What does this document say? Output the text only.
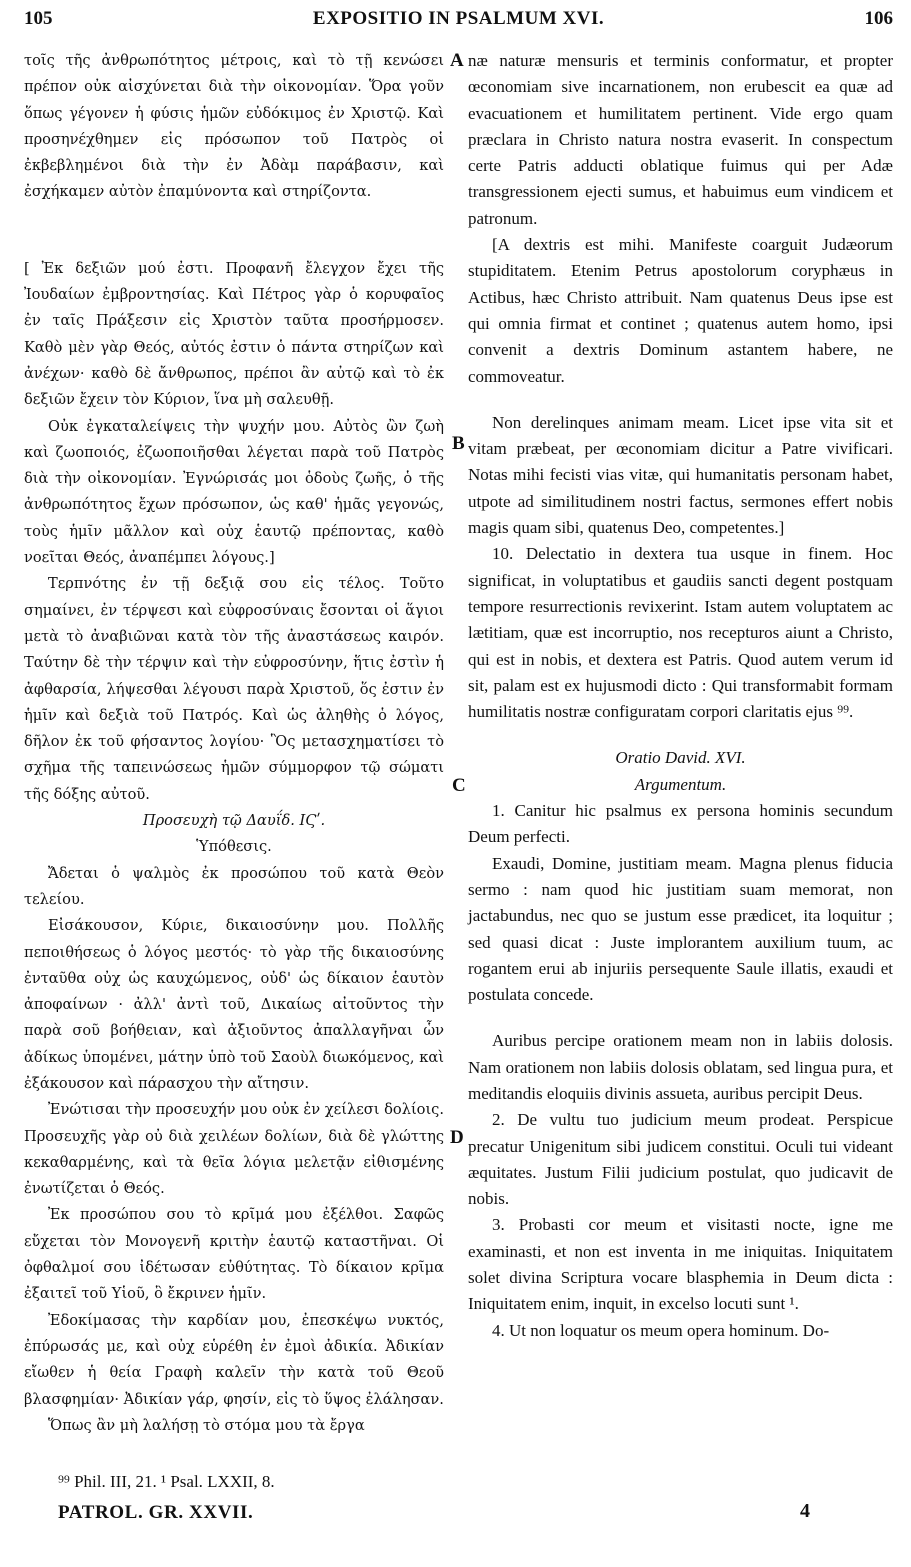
105	EXPOSITIO IN PSALMUM XVI.	106

τοῖς τῆς ἀνθρωπότητος μέτροις, καὶ τὸ τῇ κενώσει πρέπον οὐκ αἰσχύνεται διὰ τὴν οἰκονομίαν. Ὅρα γοῦν ὅπως γέγονεν ἡ φύσις ἡμῶν εὐδόκιμος ἐν Χριστῷ. Καὶ προσηνέχθημεν εἰς πρόσωπον τοῦ Πατρὸς οἱ ἐκβεβλημένοι διὰ τὴν ἐν Ἀδὰμ παράβασιν, καὶ ἐσχήκαμεν αὐτὸν ἐπαμύνοντα καὶ στηρίζοντα.

[ Ἐκ δεξιῶν μού ἐστι. Προφανῆ ἔλεγχον ἔχει τῆς Ἰουδαίων ἐμβροντησίας. Καὶ Πέτρος γὰρ ὁ κορυφαῖος ἐν ταῖς Πράξεσιν εἰς Χριστὸν ταῦτα προσήρμοσεν. Καθὸ μὲν γὰρ Θεός, αὐτός ἐστιν ὁ πάντα στηρίζων καὶ ἀνέχων· καθὸ δὲ ἄνθρωπος, πρέποι ἂν αὐτῷ καὶ τὸ ἐκ δεξιῶν ἔχειν τὸν Κύριον, ἵνα μὴ σαλευθῇ.

Οὐκ ἐγκαταλείψεις τὴν ψυχήν μου. Αὐτὸς ὢν ζωὴ καὶ ζωοποιός, ἐζωοποιῆσθαι λέγεται παρὰ τοῦ Πατρὸς διὰ τὴν οἰκονομίαν. Ἐγνώρισάς μοι ὁδοὺς ζωῆς, ὁ τῆς ἀνθρωπότητος ἔχων πρόσωπον, ὡς καθ' ἡμᾶς γεγονώς, τοὺς ἡμῖν μᾶλλον καὶ οὐχ ἑαυτῷ πρέποντας, καθὸ νοεῖται Θεός, ἀναπέμπει λόγους.]

Τερπνότης ἐν τῇ δεξιᾷ σου εἰς τέλος. Τοῦτο σημαίνει, ἐν τέρψεσι καὶ εὐφροσύναις ἔσονται οἱ ἅγιοι μετὰ τὸ ἀναβιῶναι κατὰ τὸν τῆς ἀναστάσεως καιρόν. Ταύτην δὲ τὴν τέρψιν καὶ τὴν εὐφροσύνην, ἥτις ἐστὶν ἡ ἀφθαρσία, λήψεσθαι λέγουσι παρὰ Χριστοῦ, ὅς ἐστιν ἐν ἡμῖν καὶ δεξιὰ τοῦ Πατρός. Καὶ ὡς ἀληθὴς ὁ λόγος, δῆλον ἐκ τοῦ φήσαντος λογίου· Ὃς μετασχηματίσει τὸ σχῆμα τῆς ταπεινώσεως ἡμῶν σύμμορφον τῷ σώματι τῆς δόξης αὐτοῦ.

Προσευχὴ τῷ Δαυΐδ. ΙϚʹ.

Ὑπόθεσις.

Ἄδεται ὁ ψαλμὸς ἐκ προσώπου τοῦ κατὰ Θεὸν τελείου.

Εἰσάκουσον, Κύριε, δικαιοσύνην μου. Πολλῆς πεποιθήσεως ὁ λόγος μεστός· τὸ γὰρ τῆς δικαιοσύνης ἐνταῦθα οὐχ ὡς καυχώμενος, οὐδ' ὡς δίκαιον ἑαυτὸν ἀποφαίνων · ἀλλ' ἀντὶ τοῦ, Δικαίως αἰτοῦντος τὴν παρὰ σοῦ βοήθειαν, καὶ ἀξιοῦντος ἀπαλλαγῆναι ὧν ἀδίκως ὑπομένει, μάτην ὑπὸ τοῦ Σαοὺλ διωκόμενος, καὶ ἐξάκουσον καὶ πάρασχου τὴν αἴτησιν.

Ἐνώτισαι τὴν προσευχήν μου οὐκ ἐν χείλεσι δολίοις. Προσευχῆς γὰρ οὐ διὰ χειλέων δολίων, διὰ δὲ γλώττης κεκαθαρμένης, καὶ τὰ θεῖα λόγια μελετᾷν εἰθισμένης ἐνωτίζεται ὁ Θεός.

Ἐκ προσώπου σου τὸ κρῖμά μου ἐξέλθοι. Σαφῶς εὔχεται τὸν Μονογενῆ κριτὴν ἑαυτῷ καταστῆναι. Οἱ ὀφθαλμοί σου ἰδέτωσαν εὐθύτητας. Τὸ δίκαιον κρῖμα ἐξαιτεῖ τοῦ Υἱοῦ, ὃ ἔκρινεν ἡμῖν.

Ἐδοκίμασας τὴν καρδίαν μου, ἐπεσκέψω νυκτός, ἐπύρωσάς με, καὶ οὐχ εὑρέθη ἐν ἐμοὶ ἀδικία. Ἀδικίαν εἴωθεν ἡ θεία Γραφὴ καλεῖν τὴν κατὰ τοῦ Θεοῦ βλασφημίαν· Ἀδικίαν γάρ, φησίν, εἰς τὸ ὕψος ἐλάλησαν.

Ὅπως ἂν μὴ λαλήσῃ τὸ στόμα μου τὰ ἔργα

næ naturæ mensuris et terminis conformatur, et propter œconomiam sive incarnationem, non erubescit ea quæ ad evacuationem et humilitatem pertinent. Vide ergo quam præclara in Christo natura nostra evaserit. In conspectum certe Patris adducti oblatique fuimus qui per Adæ transgressionem ejecti sumus, et habuimus eum vindicem et patronum.

[A dextris est mihi. Manifeste coarguit Judæorum stupiditatem. Etenim Petrus apostolorum coryphæus in Actibus, hæc Christo attribuit. Nam quatenus Deus ipse est qui omnia firmat et continet ; quatenus autem homo, ipsi convenit a dextris Dominum astantem habere, ne commoveatur.

Non derelinques animam meam. Licet ipse vita sit et vitam præbeat, per œconomiam dicitur a Patre vivificari. Notas mihi fecisti vias vitæ, qui humanitatis personam habet, utpote ad similitudinem nostri factus, sermones effert nobis magis quam sibi, quatenus Deo, competentes.]

10. Delectatio in dextera tua usque in finem. Hoc significat, in voluptatibus et gaudiis sancti degent postquam tempore resurrectionis revixerint. Istam autem voluptatem ac lætitiam, quæ est incorruptio, nos recepturos aiunt a Christo, qui est in nobis, et dextera est Patris. Quod autem verum id sit, palam est ex hujusmodi dicto : Qui transformabit formam humilitatis nostræ configuratam corpori claritatis ejus ⁹⁹.

Oratio David. XVI.

Argumentum.

1. Canitur hic psalmus ex persona hominis secundum Deum perfecti.

Exaudi, Domine, justitiam meam. Magna plenus fiducia sermo : nam quod hic justitiam suam memorat, non jactabundus, nec quo se justum esse prædicet, ita loquitur ; sed quasi dicat : Juste implorantem auxilium tuum, ac rogantem erui ab injuriis persequente Saule illatis, exaudi et postulata concede.

Auribus percipe orationem meam non in labiis dolosis. Nam orationem non labiis dolosis oblatam, sed lingua pura, et meditandis eloquiis divinis assueta, auribus percipit Deus.

2. De vultu tuo judicium meum prodeat. Perspicue precatur Unigenitum sibi judicem constitui. Oculi tui videant æquitates. Justum Filii judicium postulat, quo judicavit de nobis.

3. Probasti cor meum et visitasti nocte, igne me examinasti, et non est inventa in me iniquitas. Iniquitatem solet divina Scriptura vocare blasphemia in Deum dicta : Iniquitatem enim, inquit, in excelso locuti sunt ¹.

4. Ut non loquatur os meum opera hominum. Do-

A
B
C
D
⁹⁹ Phil. III, 21. ¹ Psal. LXXII, 8.
PATROL. GR. XXVII.	4
